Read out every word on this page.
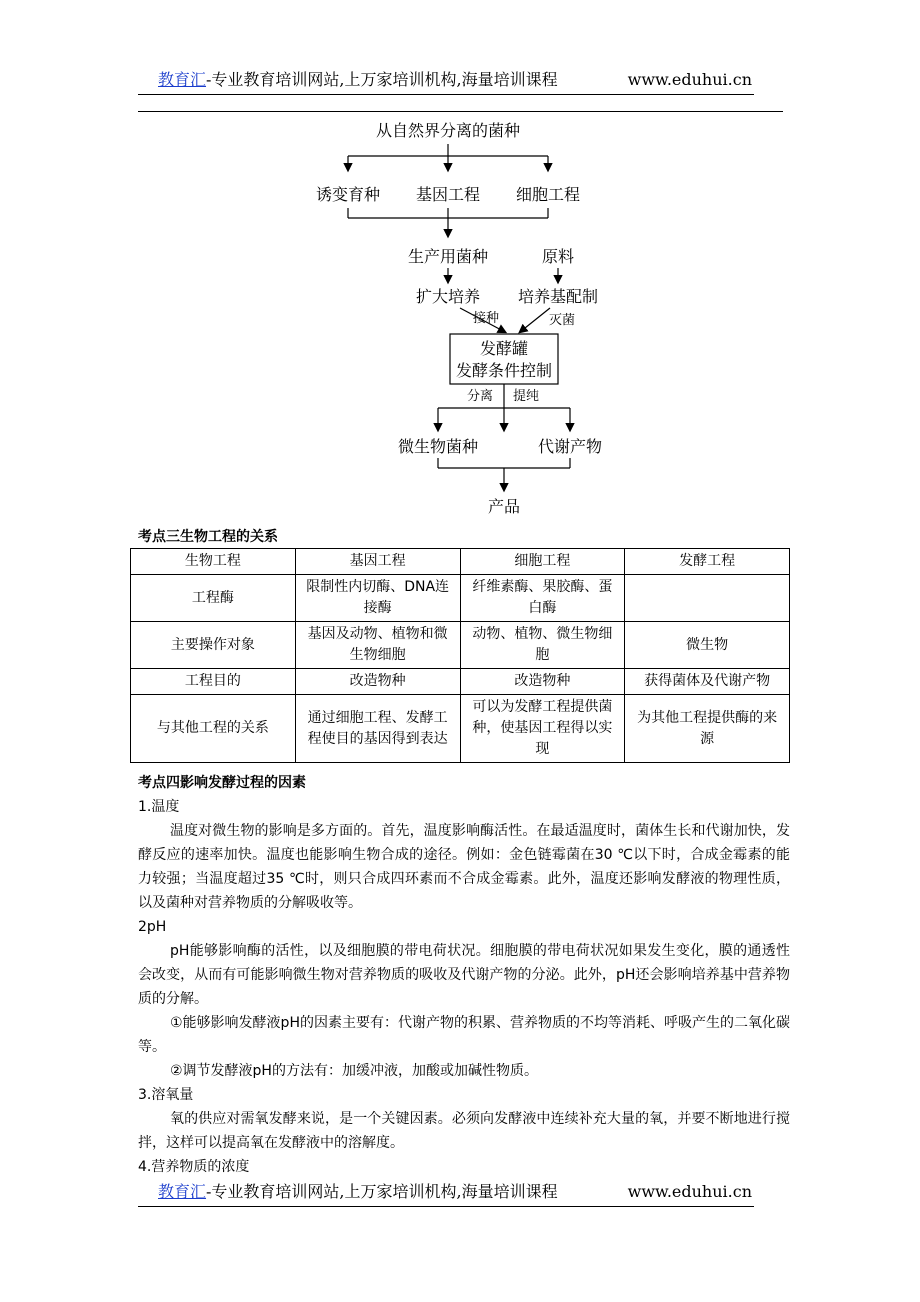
教育汇 -专业教育培训网站,上万家培训机构,海量培训课程	www.eduhui.cn
从自然界分离的菌种
诱变育种 基因工程 细胞工程
生产用菌种	原料
扩大培养 培养基配制
接种	灭菌
发酵罐
发酵条件控制
分离 提纯
微生物菌种	代谢产物
产品
考点三生物工程的关系
生物工程	基因工程	细胞工程	发酵工程
工程酶	限制性内切酶、DNA连接酶	纤维素酶、果胶酶、蛋白酶	
主要操作对象	基因及动物、植物和微生物细胞	动物、植物、微生物细胞	微生物
工程目的	改造物种	改造物种	获得菌体及代谢产物
与其他工程的关系	通过细胞工程、发酵工程使目的基因得到表达	可以为发酵工程提供菌种，使基因工程得以实现	为其他工程提供酶的来源

考点四影响发酵过程的因素

1.温度

温度对微生物的影响是多方面的。首先，温度影响酶活性。在最适温度时，菌体生长和代谢加快，发酵反应的速率加快。温度也能影响生物合成的途径。例如：金色链霉菌在30 ℃以下时，合成金霉素的能力较强；当温度超过35 ℃时，则只合成四环素而不合成金霉素。此外，温度还影响发酵液的物理性质，以及菌种对营养物质的分解吸收等。

2pH

pH能够影响酶的活性，以及细胞膜的带电荷状况。细胞膜的带电荷状况如果发生变化，膜的通透性会改变，从而有可能影响微生物对营养物质的吸收及代谢产物的分泌。此外，pH还会影响培养基中营养物质的分解。

①能够影响发酵液pH的因素主要有：代谢产物的积累、营养物质的不均等消耗、呼吸产生的二氧化碳等。

②调节发酵液pH的方法有：加缓冲液，加酸或加碱性物质。

3.溶氧量

氧的供应对需氧发酵来说，是一个关键因素。必须向发酵液中连续补充大量的氧，并要不断地进行搅拌，这样可以提高氧在发酵液中的溶解度。

4.营养物质的浓度

教育汇 -专业教育培训网站,上万家培训机构,海量培训课程	www.eduhui.cn
